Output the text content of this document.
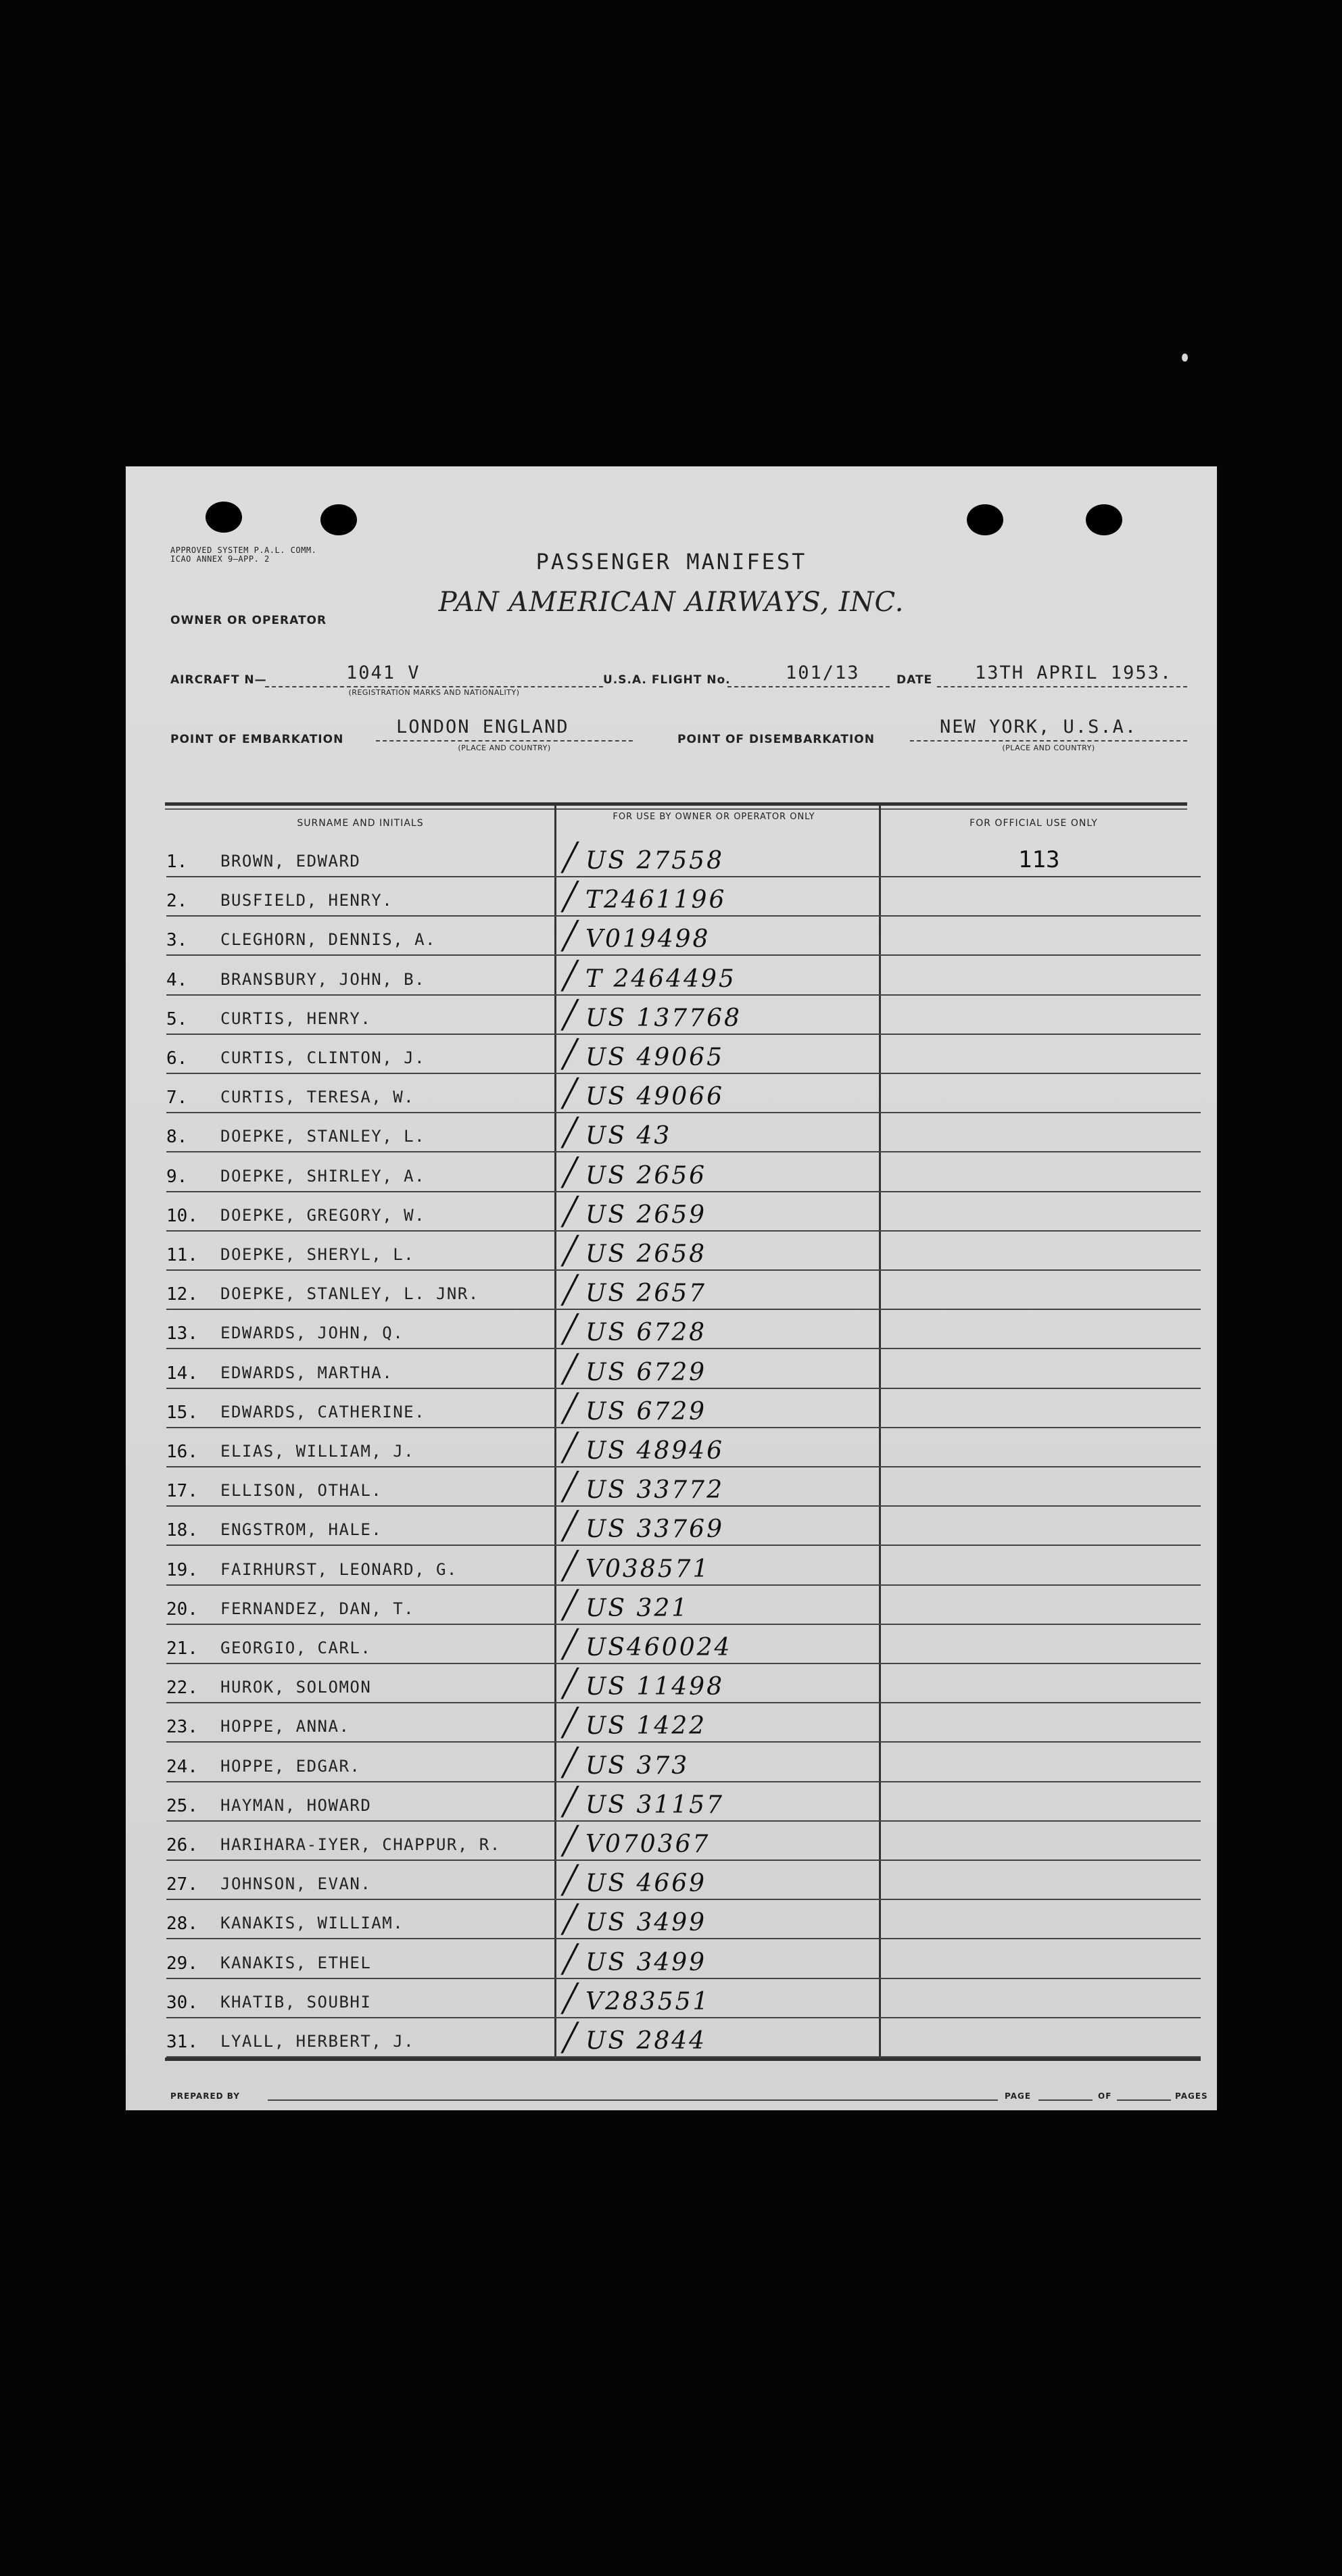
APPROVED SYSTEM P.A.L. COMM. ICAO ANNEX 9—APP. 2	PASSENGER MANIFEST
PAN AMERICAN AIRWAYS, INC.
OWNER OR OPERATOR
AIRCRAFT N—	1041 V
(REGISTRATION MARKS AND NATIONALITY)
U.S.A. FLIGHT No.	101/13	DATE 13TH APRIL 1953.
POINT OF EMBARKATION
LONDON ENGLAND
(PLACE AND COUNTRY)
POINT OF DISEMBARKATION
NEW YORK, U.S.A.
(PLACE AND COUNTRY)
SURNAME AND INITIALS
FOR USE BY OWNER OR OPERATOR ONLY
FOR OFFICIAL USE ONLY
1. BROWN, EDWARD	╱ US 27558	113
2. BUSFIELD, HENRY.	╱ T2461196
3. CLEGHORN, DENNIS, A.	╱ V019498
4. BRANSBURY, JOHN, B.	╱ T 2464495
5. CURTIS, HENRY.	╱ US 137768
6. CURTIS, CLINTON, J.	╱ US 49065
7. CURTIS, TERESA, W.	╱ US 49066
8. DOEPKE, STANLEY, L.	╱ US 43
9. DOEPKE, SHIRLEY, A.	╱ US 2656
10. DOEPKE, GREGORY, W.	╱ US 2659
11. DOEPKE, SHERYL, L.	╱ US 2658
12. DOEPKE, STANLEY, L. JNR.	╱ US 2657
13. EDWARDS, JOHN, Q.	╱ US 6728
14. EDWARDS, MARTHA.	╱ US 6729
15. EDWARDS, CATHERINE.	╱ US 6729
16. ELIAS, WILLIAM, J.	╱ US 48946
17. ELLISON, OTHAL.	╱ US 33772
18. ENGSTROM, HALE.	╱ US 33769
19. FAIRHURST, LEONARD, G.	╱ V038571
20. FERNANDEZ, DAN, T.	╱ US 321
21. GEORGIO, CARL.	╱ US460024
22. HUROK, SOLOMON	╱ US 11498
23. HOPPE, ANNA.	╱ US 1422
24. HOPPE, EDGAR.	╱ US 373
25. HAYMAN, HOWARD	╱ US 31157
26. HARIHARA-IYER, CHAPPUR, R. ╱ V070367
27. JOHNSON, EVAN.	╱ US 4669
28. KANAKIS, WILLIAM.	╱ US 3499
29. KANAKIS, ETHEL	╱ US 3499
30. KHATIB, SOUBHI	╱ V283551
31. LYALL, HERBERT, J.	╱ US 2844
PREPARED BY	PAGE	OF	PAGES
